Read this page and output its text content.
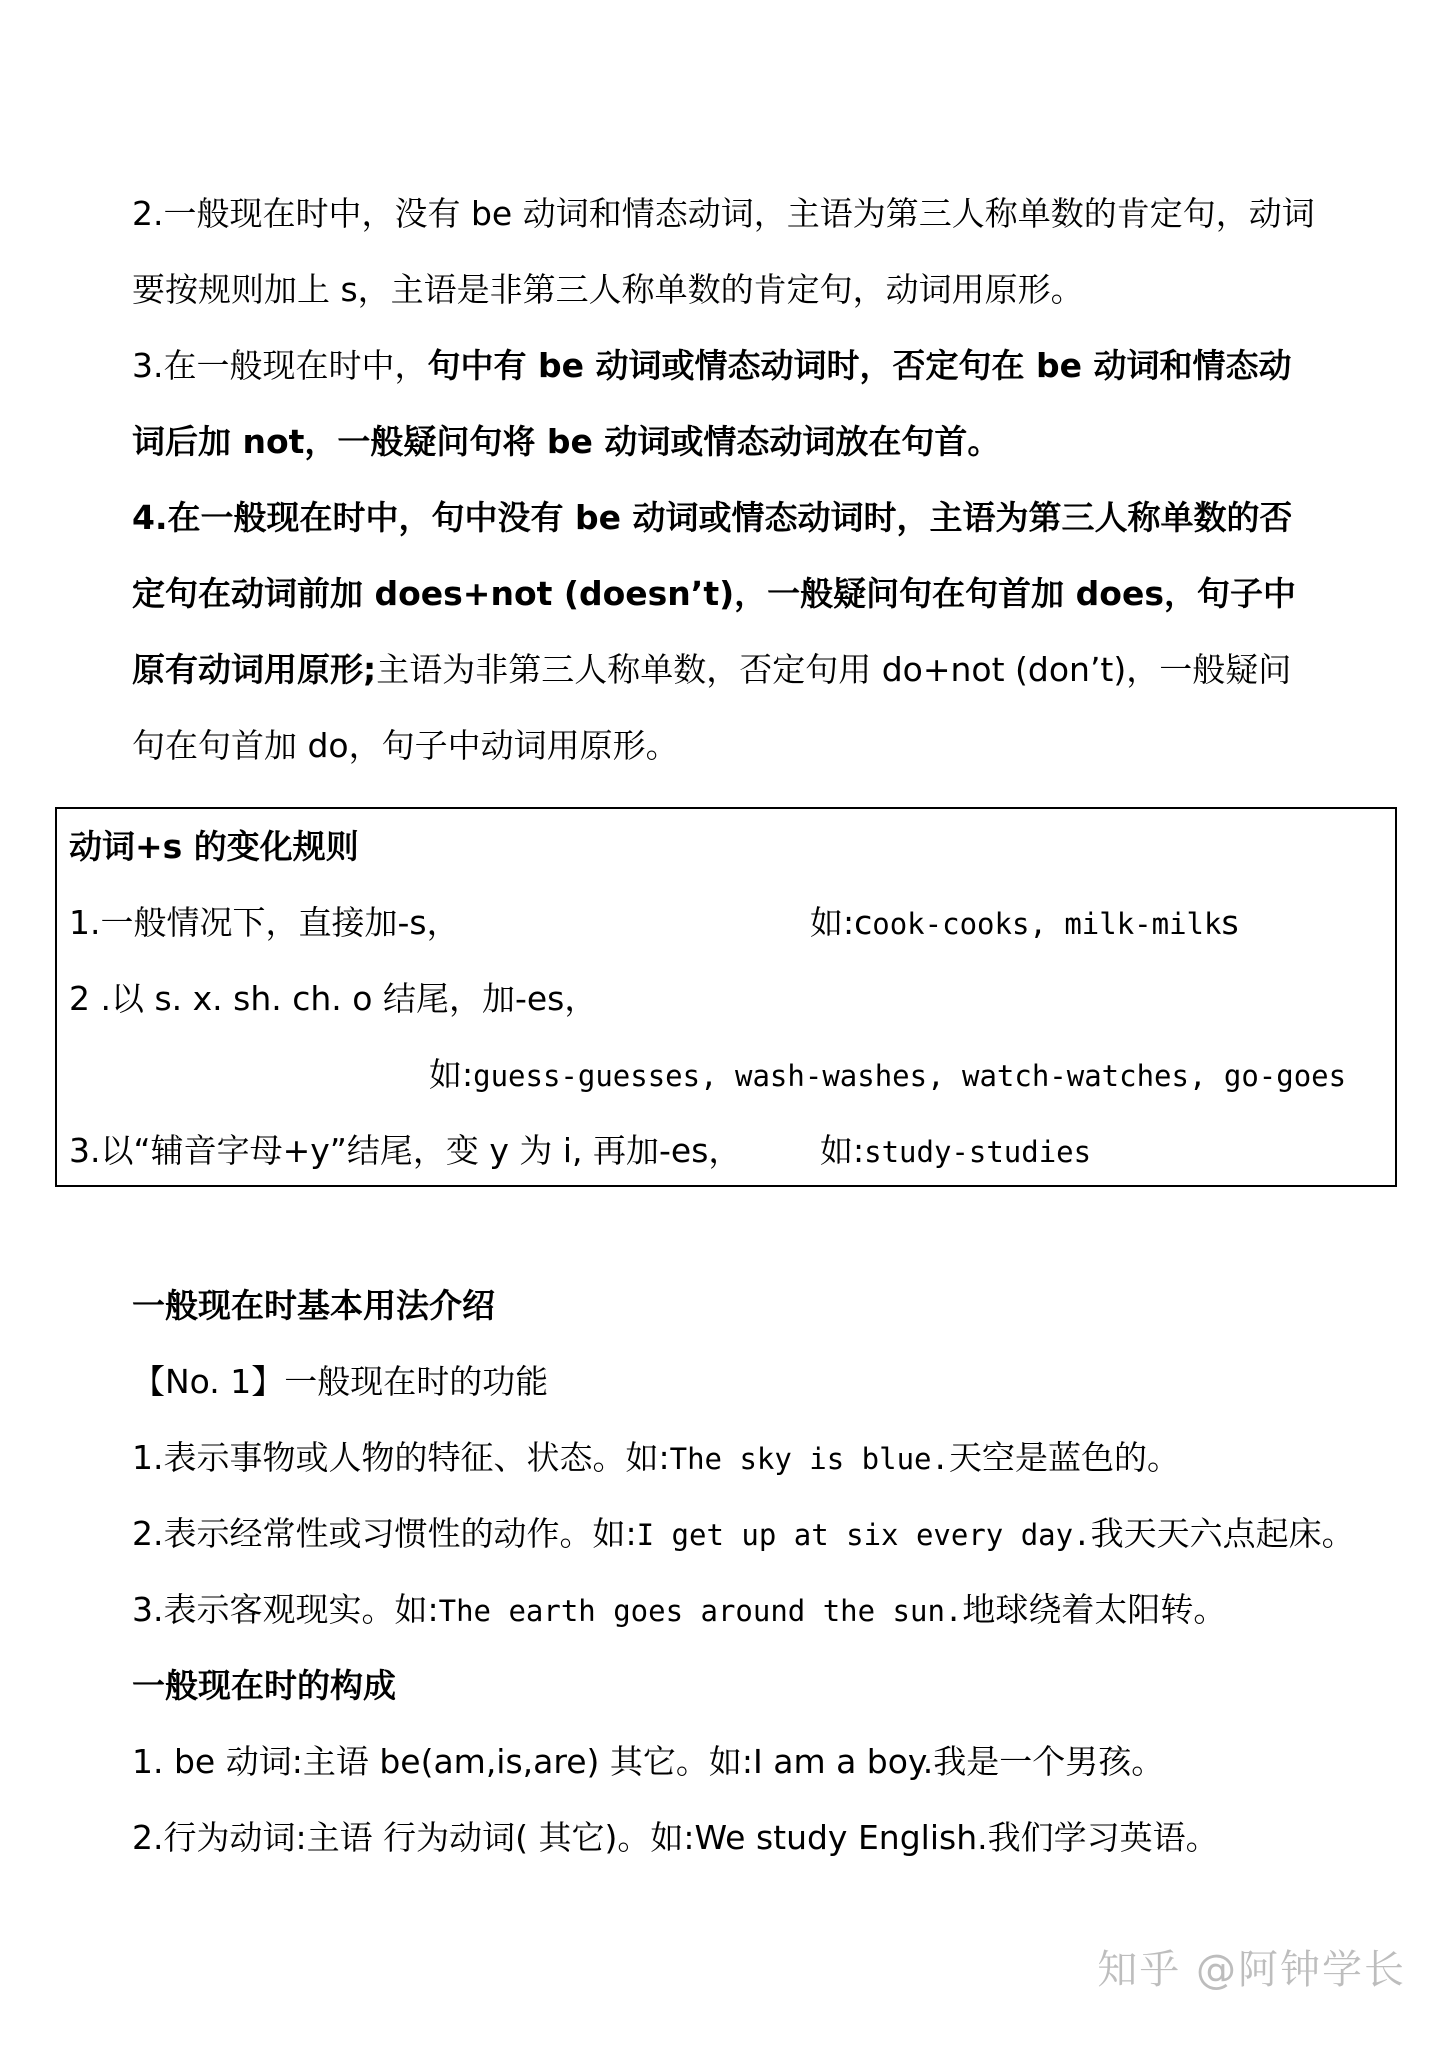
2.一般现在时中，没有 be 动词和情态动词，主语为第三人称单数的肯定句，动词要按规则加上 s，主语是非第三人称单数的肯定句，动词用原形。

3.在一般现在时中，句中有 be 动词或情态动词时，否定句在 be 动词和情态动词后加 not，一般疑问句将 be 动词或情态动词放在句首。

4.在一般现在时中，句中没有 be 动词或情态动词时，主语为第三人称单数的否定句在动词前加 does+not (doesn’t)，一般疑问句在句首加 does，句子中原有动词用原形;主语为非第三人称单数，否定句用 do+not (don’t)，一般疑问句在句首加 do，句子中动词用原形。

动词+s 的变化规则
1.一般情况下，直接加-s，	如:cook-cooks, milk-milks
2 .以 s. x. sh. ch. o 结尾，加-es，
如:guess-guesses, wash-washes, watch-watches, go-goes
3.以“辅音字母+y”结尾，变 y 为 i, 再加-es， 如:study-studies
一般现在时基本用法介绍
【No. 1】一般现在时的功能
1.表示事物或人物的特征、状态。如:The sky is blue.天空是蓝色的。
2.表示经常性或习惯性的动作。如:I get up at six every day.我天天六点起床。
3.表示客观现实。如:The earth goes around the sun.地球绕着太阳转。
一般现在时的构成
1. be 动词:主语 be(am,is,are) 其它。如:I am a boy.我是一个男孩。
2.行为动词:主语 行为动词( 其它)。如:We study English.我们学习英语。
知乎 @阿钟学长
